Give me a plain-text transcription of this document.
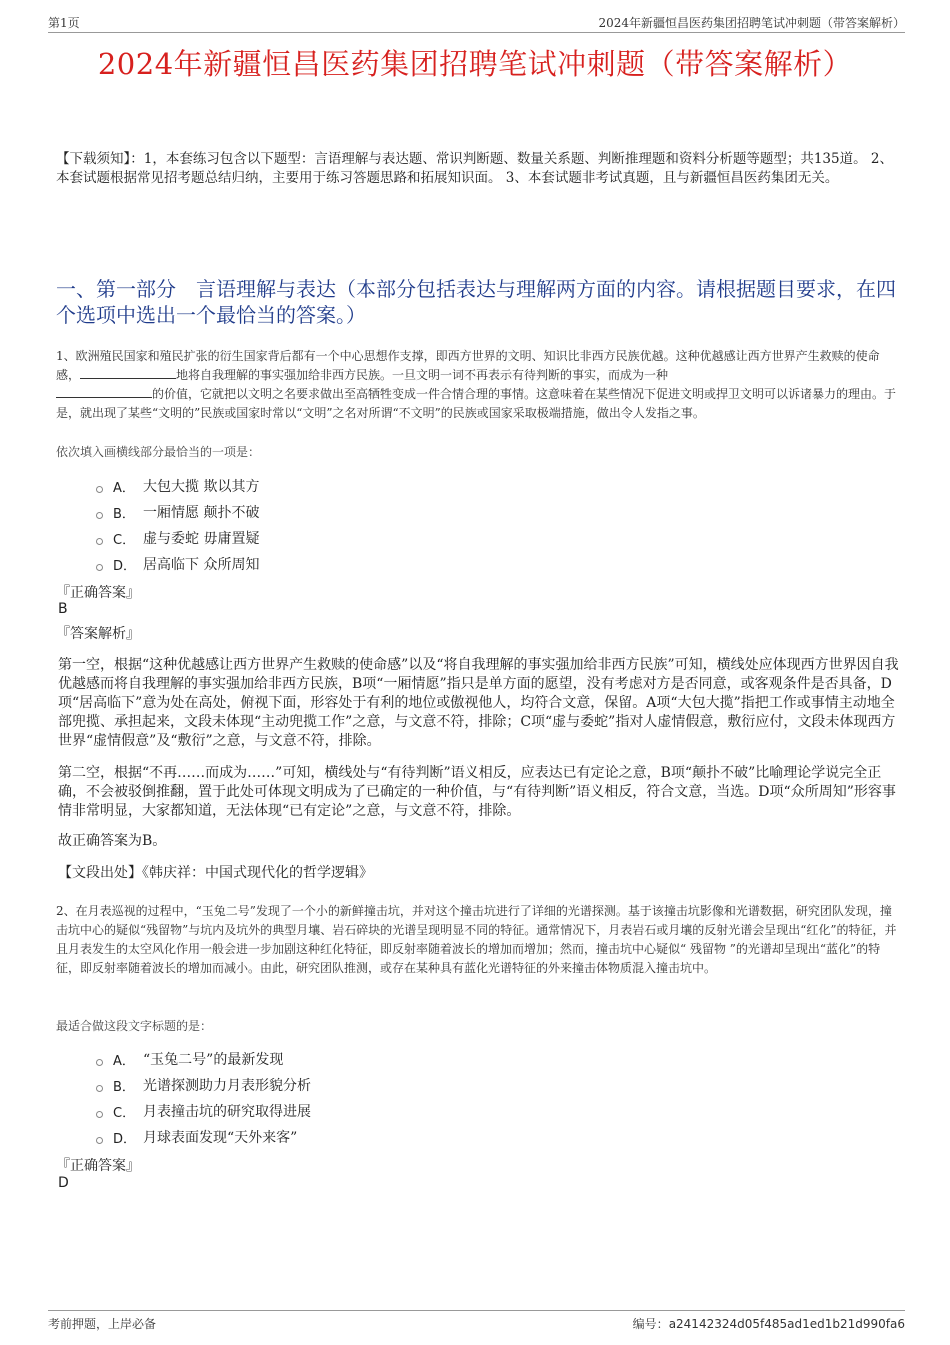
第1页	2024年新疆恒昌医药集团招聘笔试冲刺题（带答案解析）
2024年新疆恒昌医药集团招聘笔试冲刺题（带答案解析）
【下载须知】：1，本套练习包含以下题型：言语理解与表达题、常识判断题、数量关系题、判断推理题和资料分析题等题型；共135道。 2、本套试题根据常见招考题总结归纳，主要用于练习答题思路和拓展知识面。 3、本套试题非考试真题，且与新疆恒昌医药集团无关。
一、第一部分　言语理解与表达（本部分包括表达与理解两方面的内容。请根据题目要求，在四个选项中选出一个最恰当的答案。）
1、欧洲殖民国家和殖民扩张的衍生国家背后都有一个中心思想作支撑，即西方世界的文明、知识比非西方民族优越。这种优越感让西方世界产生救赎的使命感，	地将自我理解的事实强加给非西方民族。一旦文明一词不再表示有待判断的事实，而成为一种
的价值，它就把以文明之名要求做出至高牺牲变成一件合情合理的事情。这意味着在某些情况下促进文明或捍卫文明可以诉诸暴力的理由。于是，就出现了某些“文明的”民族或国家时常以“文明”之名对所谓“不文明”的民族或国家采取极端措施，做出令人发指之事。
依次填入画横线部分最恰当的一项是：
A． 大包大揽 欺以其方
B． 一厢情愿 颠扑不破
C． 虚与委蛇 毋庸置疑
D． 居高临下 众所周知
『正确答案』
B
『答案解析』
第一空，根据“这种优越感让西方世界产生救赎的使命感”以及“将自我理解的事实强加给非西方民族”可知，横线处应体现西方世界因自我优越感而将自我理解的事实强加给非西方民族，B项“一厢情愿”指只是单方面的愿望，没有考虑对方是否同意，或客观条件是否具备，D项“居高临下”意为处在高处，俯视下面，形容处于有利的地位或傲视他人，均符合文意，保留。A项“大包大揽”指把工作或事情主动地全部兜揽、承担起来，文段未体现“主动兜揽工作”之意，与文意不符，排除；C项“虚与委蛇”指对人虚情假意，敷衍应付，文段未体现西方世界“虚情假意”及“敷衍”之意，与文意不符，排除。
第二空，根据“不再……而成为……”可知，横线处与“有待判断”语义相反，应表达已有定论之意，B项“颠扑不破”比喻理论学说完全正确，不会被驳倒推翻，置于此处可体现文明成为了已确定的一种价值，与“有待判断”语义相反，符合文意，当选。D项“众所周知”形容事情非常明显，大家都知道，无法体现“已有定论”之意，与文意不符，排除。
故正确答案为B。
【文段出处】《韩庆祥：中国式现代化的哲学逻辑》
2、在月表巡视的过程中，“玉兔二号”发现了一个小的新鲜撞击坑，并对这个撞击坑进行了详细的光谱探测。基于该撞击坑影像和光谱数据，研究团队发现，撞击坑中心的疑似“残留物”与坑内及坑外的典型月壤、岩石碎块的光谱呈现明显不同的特征。通常情况下，月表岩石或月壤的反射光谱会呈现出“红化”的特征，并且月表发生的太空风化作用一般会进一步加剧这种红化特征，即反射率随着波长的增加而增加；然而，撞击坑中心疑似“ 残留物 ”的光谱却呈现出“蓝化”的特征，即反射率随着波长的增加而减小。由此，研究团队推测，或存在某种具有蓝化光谱特征的外来撞击体物质混入撞击坑中。
最适合做这段文字标题的是：
A． “玉兔二号”的最新发现
B． 光谱探测助力月表形貌分析
C． 月表撞击坑的研究取得进展
D． 月球表面发现“天外来客”
『正确答案』
D
考前押题，上岸必备	编号：a24142324d05f485ad1ed1b21d990fa6
